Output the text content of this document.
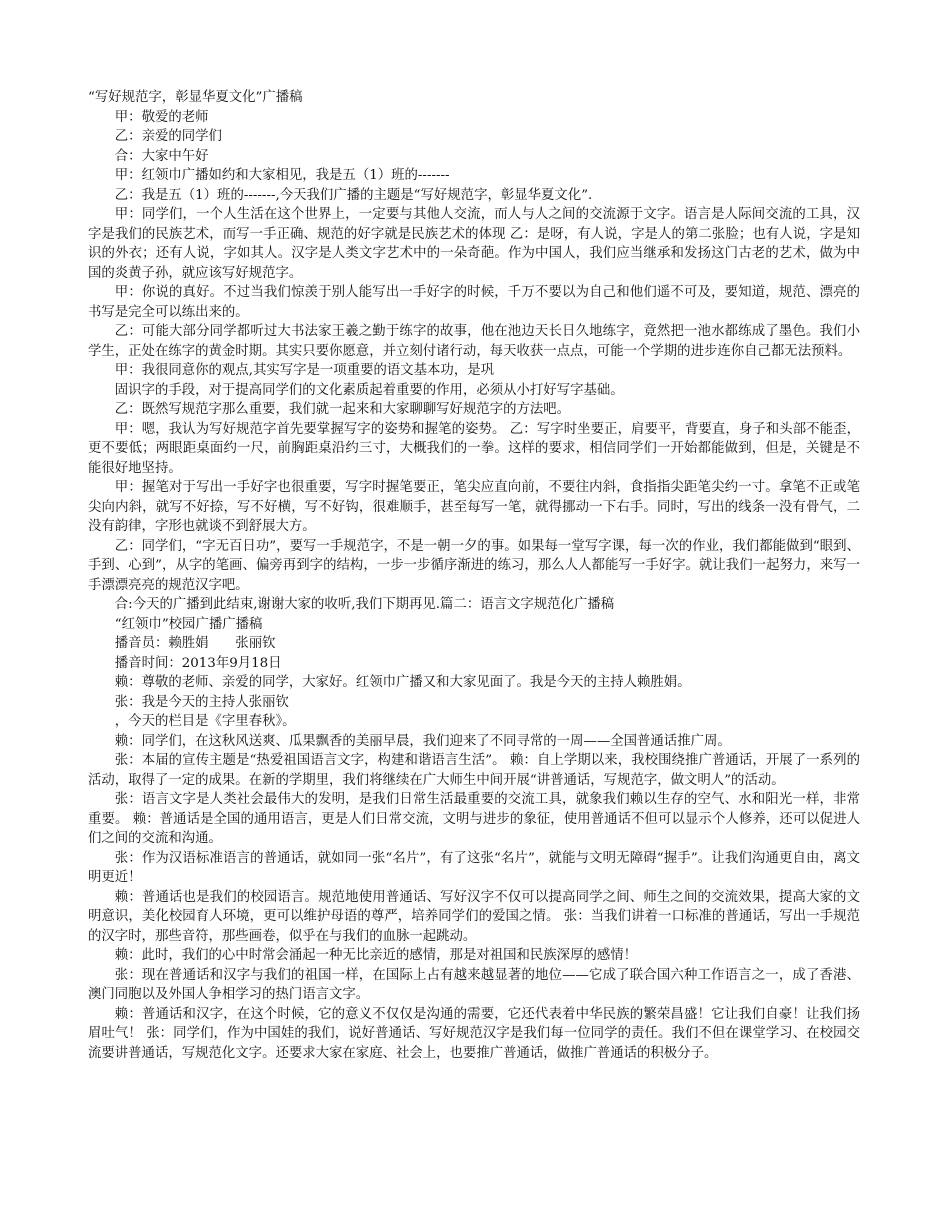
“写好规范字，彰显华夏文化”广播稿

甲：敬爱的老师

乙：亲爱的同学们

合：大家中午好

甲：红领巾广播如约和大家相见，我是五（1）班的-------

乙：我是五（1）班的-------,今天我们广播的主题是“写好规范字，彰显华夏文化”.

甲：同学们，一个人生活在这个世界上，一定要与其他人交流，而人与人之间的交流源于文字。语言是人际间交流的工具，汉字是我们的民族艺术，而写一手正确、规范的好字就是民族艺术的体现 乙：是呀，有人说，字是人的第二张脸；也有人说，字是知识的外衣；还有人说，字如其人。汉字是人类文字艺术中的一朵奇葩。作为中国人，我们应当继承和发扬这门古老的艺术，做为中国的炎黄子孙，就应该写好规范字。

甲：你说的真好。不过当我们惊羡于别人能写出一手好字的时候，千万不要以为自己和他们遥不可及，要知道，规范、漂亮的书写是完全可以练出来的。

乙：可能大部分同学都听过大书法家王羲之勤于练字的故事，他在池边天长日久地练字，竟然把一池水都练成了墨色。我们小学生，正处在练字的黄金时期。其实只要你愿意，并立刻付诸行动，每天收获一点点，可能一个学期的进步连你自己都无法预料。

甲：我很同意你的观点,其实写字是一项重要的语文基本功，是巩

固识字的手段，对于提高同学们的文化素质起着重要的作用，必须从小打好写字基础。

乙：既然写规范字那么重要，我们就一起来和大家聊聊写好规范字的方法吧。

甲：嗯，我认为写好规范字首先要掌握写字的姿势和握笔的姿势。 乙：写字时坐要正，肩要平，背要直，身子和头部不能歪，更不要低；两眼距桌面约一尺，前胸距桌沿约三寸，大概我们的一拳。这样的要求，相信同学们一开始都能做到，但是，关键是不能很好地坚持。

甲：握笔对于写出一手好字也很重要，写字时握笔要正，笔尖应直向前，不要往内斜，食指指尖距笔尖约一寸。拿笔不正或笔尖向内斜，就写不好捺，写不好横，写不好钩，很难顺手，甚至每写一笔，就得挪动一下右手。同时，写出的线条一没有骨气，二没有韵律，字形也就谈不到舒展大方。

乙：同学们，“字无百日功”，要写一手规范字，不是一朝一夕的事。如果每一堂写字课，每一次的作业，我们都能做到“眼到、手到、心到”，从字的笔画、偏旁再到字的结构，一步一步循序渐进的练习，那么人人都能写一手好字。就让我们一起努力，来写一手漂漂亮亮的规范汉字吧。

合:今天的广播到此结束,谢谢大家的收听,我们下期再见.篇二：语言文字规范化广播稿

“红领巾”校园广播广播稿

播音员：赖胜娟　　张丽钦

播音时间：2013年9月18日

赖：尊敬的老师、亲爱的同学，大家好。红领巾广播又和大家见面了。我是今天的主持人赖胜娟。

张：我是今天的主持人张丽钦

，今天的栏目是《字里春秋》。

赖：同学们，在这秋风送爽、瓜果飘香的美丽早晨，我们迎来了不同寻常的一周——全国普通话推广周。

张：本届的宣传主题是“热爱祖国语言文字，构建和谐语言生活”。 赖：自上学期以来，我校围绕推广普通话，开展了一系列的活动，取得了一定的成果。在新的学期里，我们将继续在广大师生中间开展“讲普通话，写规范字，做文明人”的活动。

张：语言文字是人类社会最伟大的发明，是我们日常生活最重要的交流工具，就象我们赖以生存的空气、水和阳光一样，非常重要。 赖：普通话是全国的通用语言，更是人们日常交流，文明与进步的象征，使用普通话不但可以显示个人修养，还可以促进人们之间的交流和沟通。

张：作为汉语标准语言的普通话，就如同一张“名片”，有了这张“名片”，就能与文明无障碍“握手”。让我们沟通更自由，离文明更近！

赖：普通话也是我们的校园语言。规范地使用普通话、写好汉字不仅可以提高同学之间、师生之间的交流效果，提高大家的文明意识，美化校园育人环境，更可以维护母语的尊严，培养同学们的爱国之情。 张：当我们讲着一口标准的普通话，写出一手规范的汉字时，那些音符，那些画卷，似乎在与我们的血脉一起跳动。

赖：此时，我们的心中时常会涌起一种无比亲近的感情，那是对祖国和民族深厚的感情！

张：现在普通话和汉字与我们的祖国一样，在国际上占有越来越显著的地位——它成了联合国六种工作语言之一，成了香港、澳门同胞以及外国人争相学习的热门语言文字。

赖：普通话和汉字，在这个时候，它的意义不仅仅是沟通的需要，它还代表着中华民族的繁荣昌盛！它让我们自豪！让我们扬眉吐气！ 张：同学们，作为中国娃的我们，说好普通话、写好规范汉字是我们每一位同学的责任。我们不但在课堂学习、在校园交流要讲普通话，写规范化文字。还要求大家在家庭、社会上，也要推广普通话，做推广普通话的积极分子。
